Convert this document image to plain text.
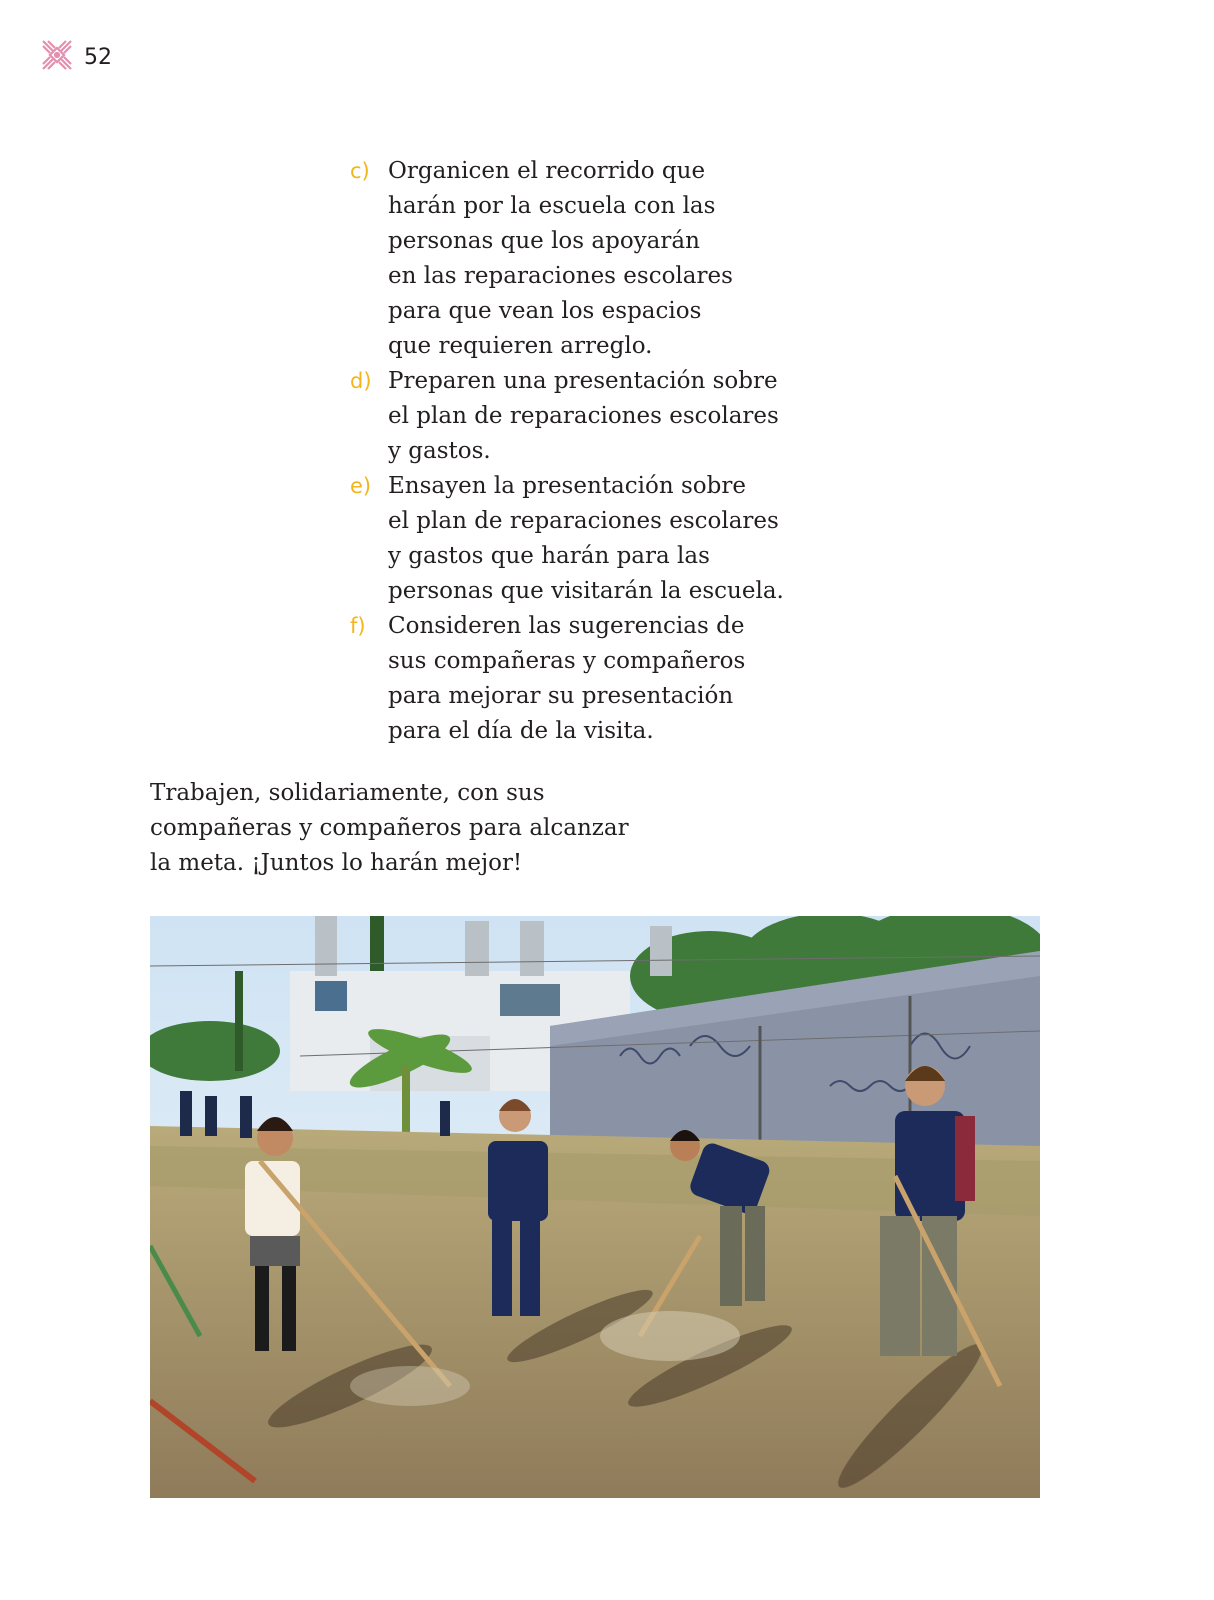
52
c) Organicen el recorrido que
harán por la escuela con las
personas que los apoyarán
en las reparaciones escolares
para que vean los espacios
que requieren arreglo.
d) Preparen una presentación sobre
el plan de reparaciones escolares
y gastos.
e) Ensayen la presentación sobre
el plan de reparaciones escolares
y gastos que harán para las
personas que visitarán la escuela.
f) Consideren las sugerencias de
sus compañeras y compañeros
para mejorar su presentación
para el día de la visita.

Trabajen, solidariamente, con sus
compañeras y compañeros para alcanzar
la meta. ¡Juntos lo harán mejor!
